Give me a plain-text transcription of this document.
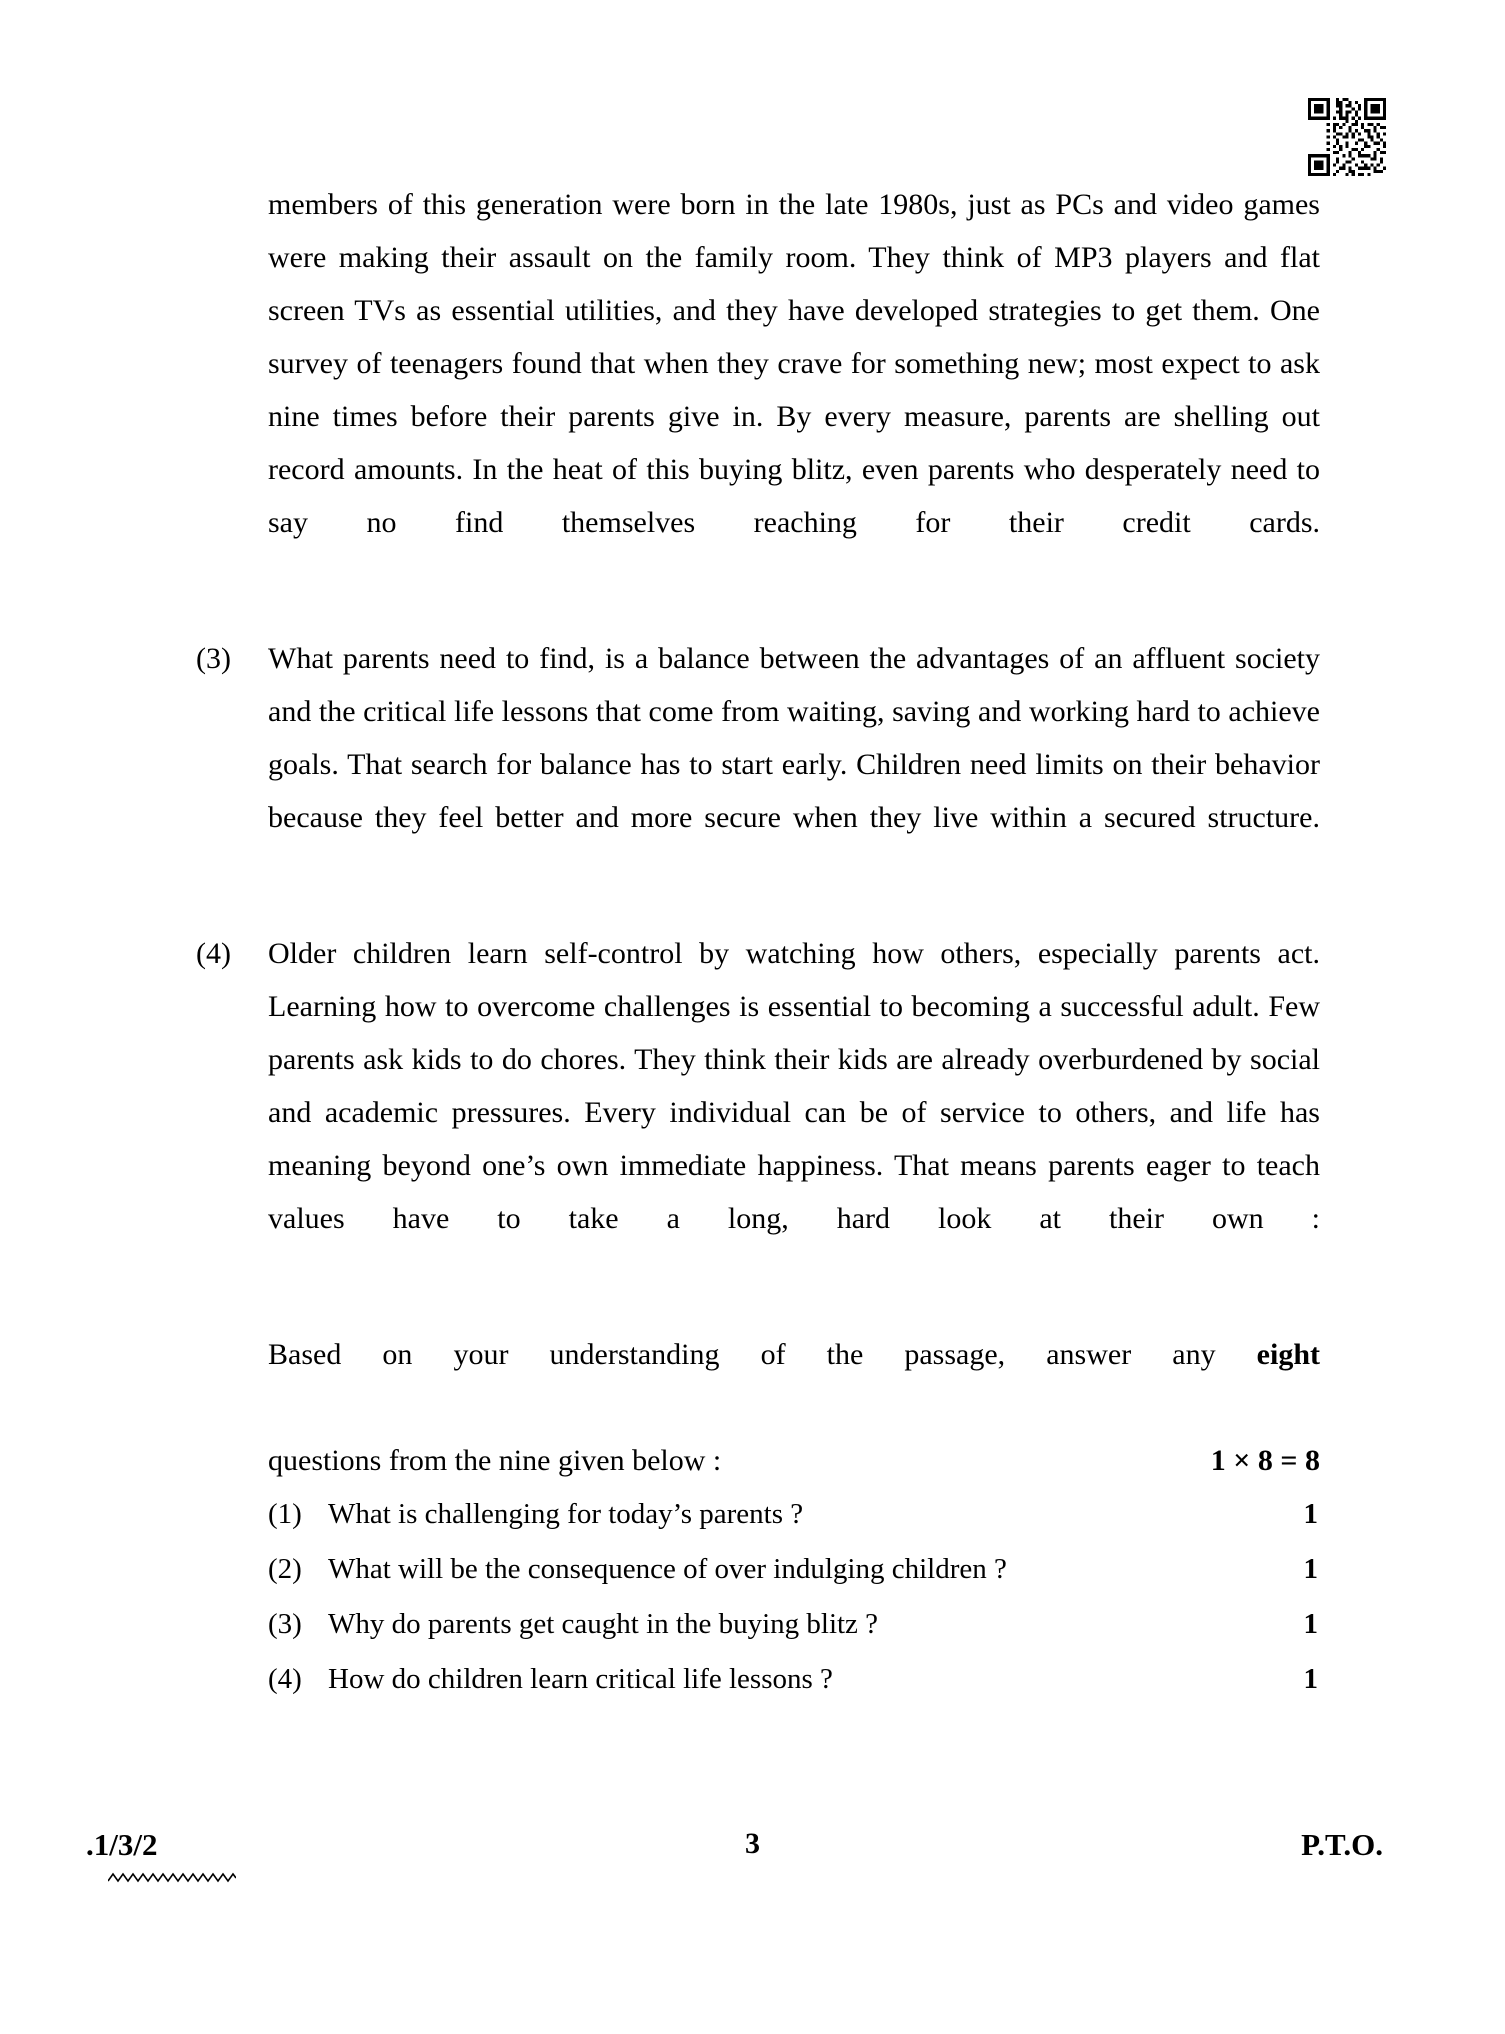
members of this generation were born in the late 1980s, just as PCs and video games were making their assault on the family room. They think of MP3 players and flat screen TVs as essential utilities, and they have developed strategies to get them. One survey of teenagers found that when they crave for something new; most expect to ask nine times before their parents give in. By every measure, parents are shelling out record amounts. In the heat of this buying blitz, even parents who desperately need to say no find themselves reaching for their credit cards.
(3)	What parents need to find, is a balance between the advantages of an affluent society and the critical life lessons that come from waiting, saving and working hard to achieve goals. That search for balance has to start early. Children need limits on their behavior because they feel better and more secure when they live within a secured structure.
(4)	Older children learn self-control by watching how others, especially parents act. Learning how to overcome challenges is essential to becoming a successful adult. Few parents ask kids to do chores. They think their kids are already overburdened by social and academic pressures. Every individual can be of service to others, and life has meaning beyond one’s own immediate happiness. That means parents eager to teach values have to take a long, hard look at their own :
Based on your understanding of the passage, answer any eight
questions from the nine given below :	1 × 8 = 8
(1) What is challenging for today’s parents ?	1
(2) What will be the consequence of over indulging children ?	1
(3) Why do parents get caught in the buying blitz ?	1
(4) How do children learn critical life lessons ?	1
.1/3/2	3	P.T.O.
